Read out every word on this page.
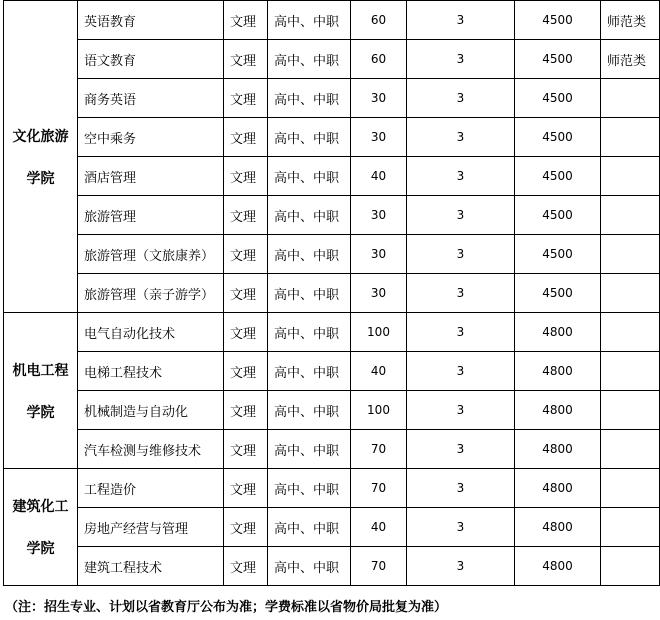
文化旅游
学院	英语教育	文理	高中、中职	60	3	4500	师范类
	语文教育	文理	高中、中职	60	3	4500	师范类
	商务英语	文理	高中、中职	30	3	4500	
	空中乘务	文理	高中、中职	30	3	4500	
	酒店管理	文理	高中、中职	40	3	4500	
	旅游管理	文理	高中、中职	30	3	4500	
	旅游管理（文旅康养）	文理	高中、中职	30	3	4500	
	旅游管理（亲子游学）	文理	高中、中职	30	3	4500	

机电工程
学院	电气自动化技术	文理	高中、中职	100	3	4800	
	电梯工程技术	文理	高中、中职	40	3	4800	
	机械制造与自动化	文理	高中、中职	100	3	4800	
	汽车检测与维修技术	文理	高中、中职	70	3	4800	

建筑化工
学院	工程造价	文理	高中、中职	70	3	4800	
	房地产经营与管理	文理	高中、中职	40	3	4800	
	建筑工程技术	文理	高中、中职	70	3	4800	
（注：招生专业、计划以省教育厅公布为准；学费标准以省物价局批复为准）
